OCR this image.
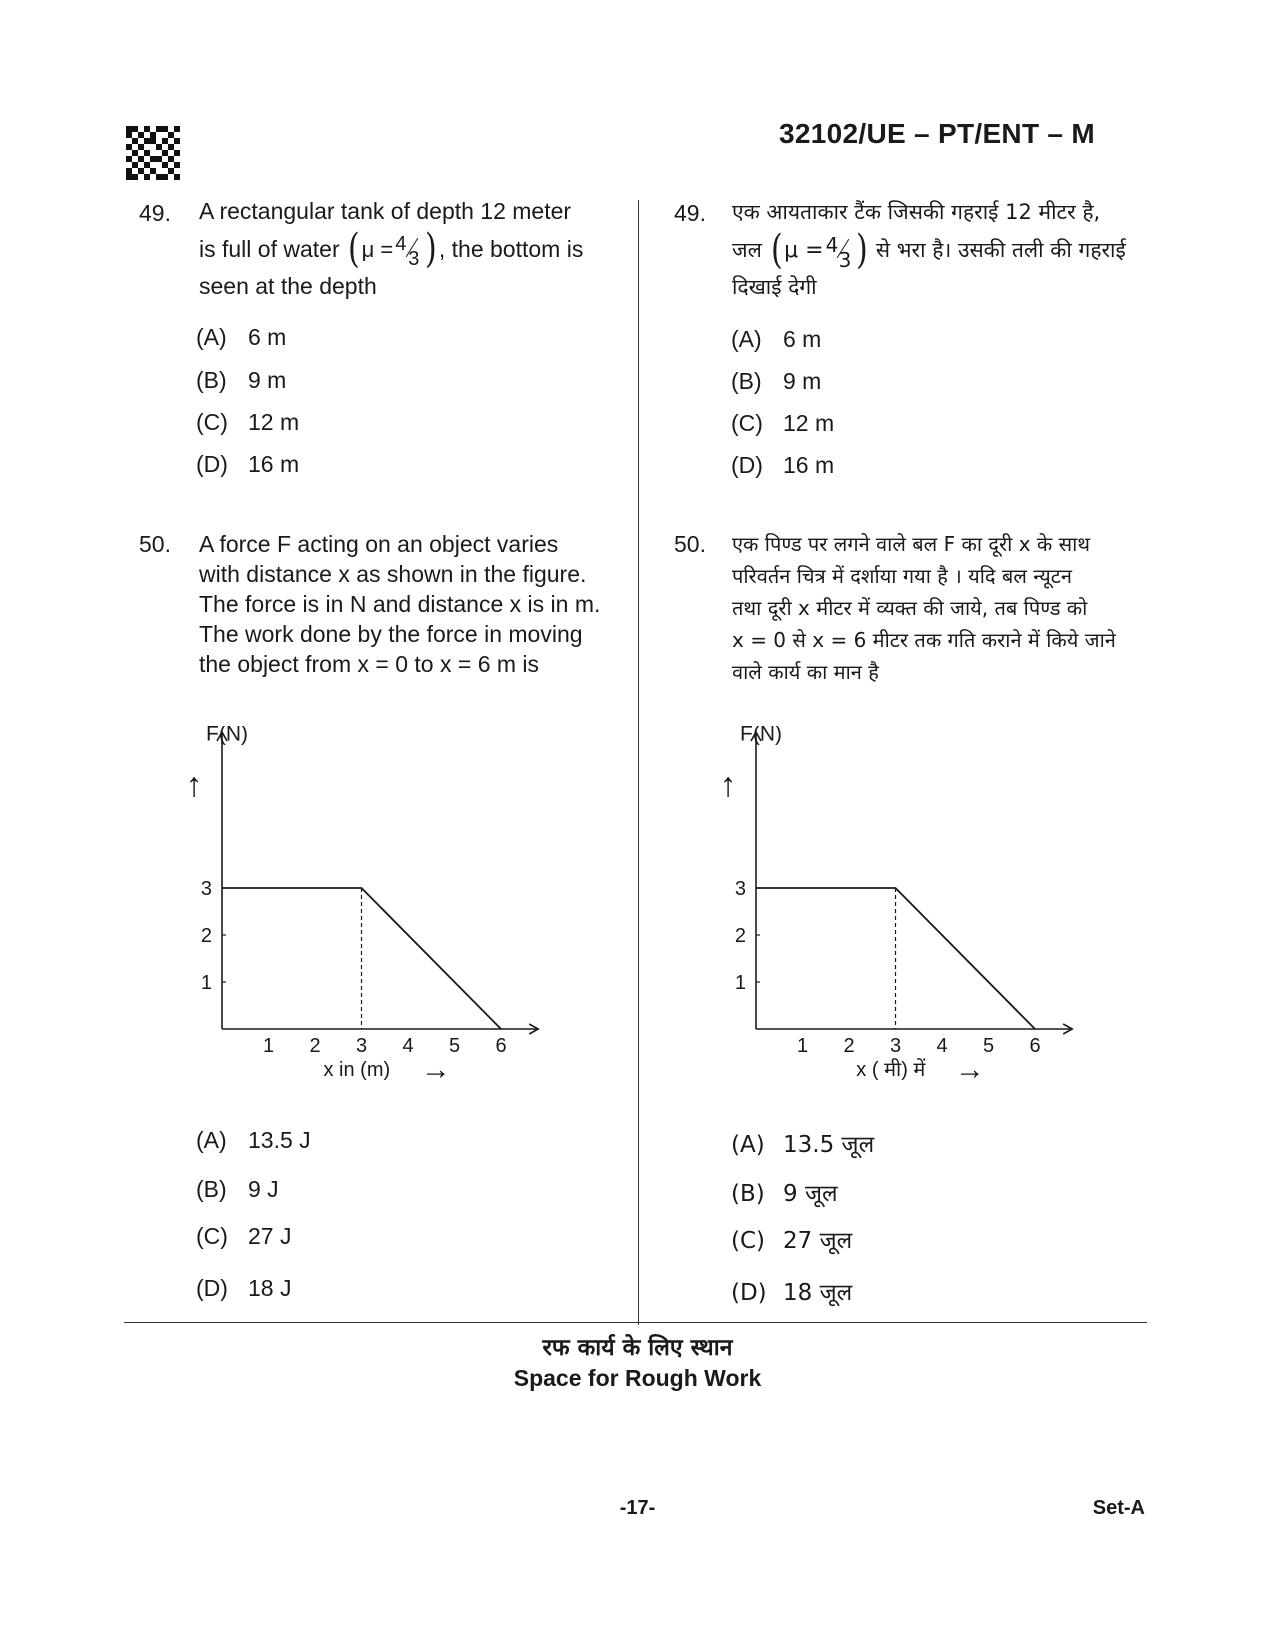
32102/UE – PT/ENT – M
49. A rectangular tank of depth 12 meter
is full of water
( μ = 4
3 ) , the bottom is
seen at the depth
(A) 6 m
(B) 9 m
(C) 12 m
(D) 16 m
50. A force F acting on an object varies
with distance x as shown in the figure.
The force is in N and distance x is in m.
The work done by the force in moving
the object from x = 0 to x = 6 m is
F(N)
↑
1 2 3 4 5 6
1
2
3
x in (m) →
(A) 13.5 J
(B) 9 J
(C) 27 J
(D) 18 J
49. एक आयताकार टैंक जिसकी गहराई 12 मीटर है,
जल
( μ = 4
3 )
से भरा है। उसकी तली की गहराई
दिखाई देगी
(A) 6 m
(B) 9 m
(C) 12 m
(D) 16 m
50. एक पिण्ड पर लगने वाले बल F का दूरी x के साथ
परिवर्तन चित्र में दर्शाया गया है । यदि बल न्यूटन
तथा दूरी x मीटर में व्यक्त की जाये, तब पिण्ड को
x = 0 से x = 6 मीटर तक गति कराने में किये जाने
वाले कार्य का मान है
F(N)
↑
1 2 3 4 5 6
1
2
3
x ( मी) में →
(A) 13.5 जूल
(B) 9 जूल
(C) 27 जूल
(D) 18 जूल
रफ कार्य के लिए स्थान
Space for Rough Work
-17-	Set-A
